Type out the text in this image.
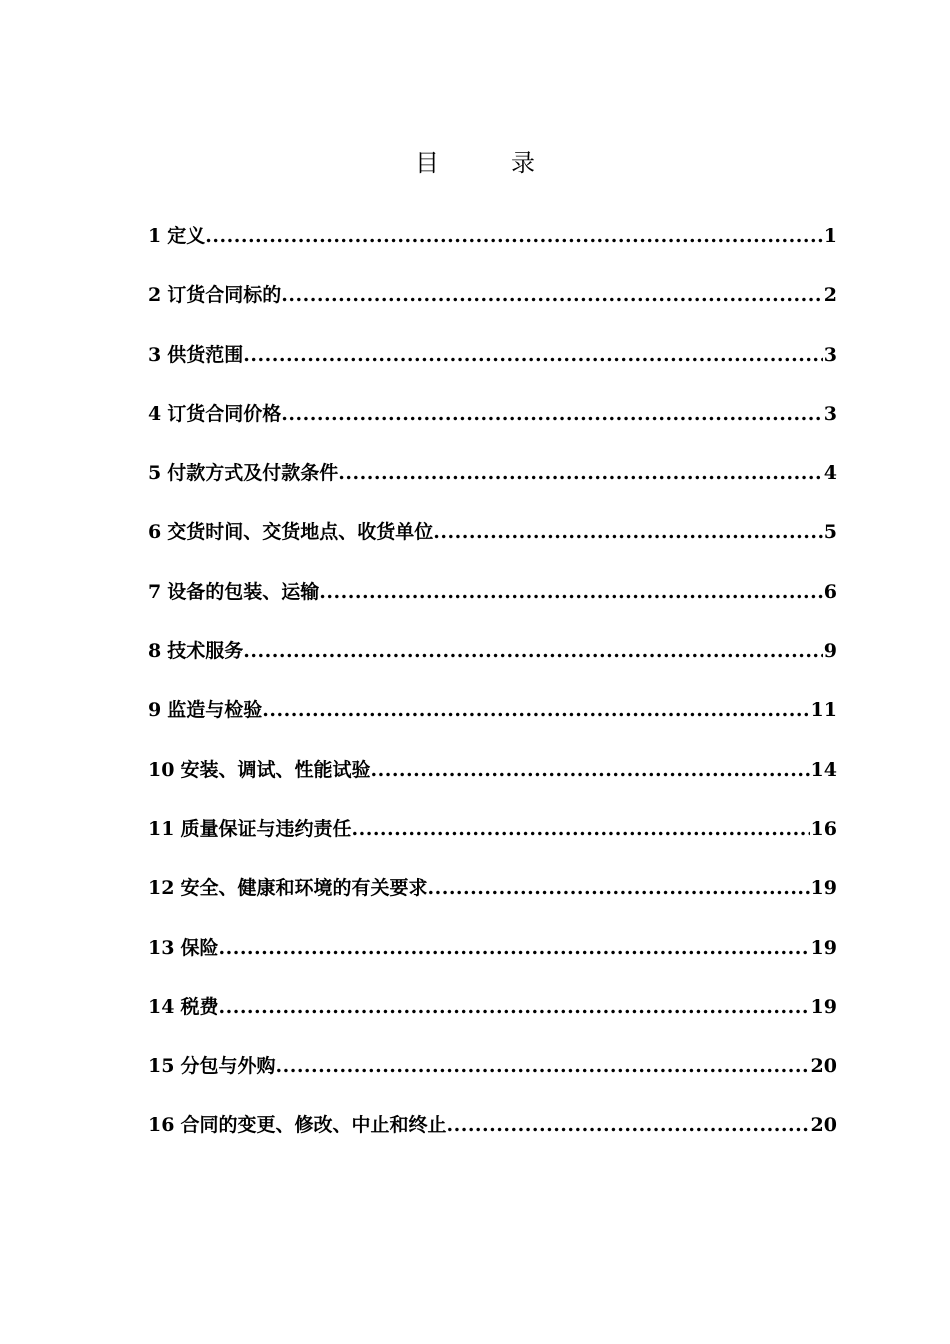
目	录
1 定义 .....	1
2 订货合同标的 .....	2
3 供货范围 .....	3
4 订货合同价格 .....	3
5 付款方式及付款条件 .....	4
6 交货时间、交货地点、收货单位 .....	5
7 设备的包装、运输 .....	6
8 技术服务 .....	9
9 监造与检验 .....	11
10 安装、调试、性能试验 .....	14
11 质量保证与违约责任 .....	16
12 安全、健康和环境的有关要求 .....	19
13 保险 .....	19
14 税费 .....	19
15 分包与外购 .....	20
16 合同的变更、修改、中止和终止 .....	20
